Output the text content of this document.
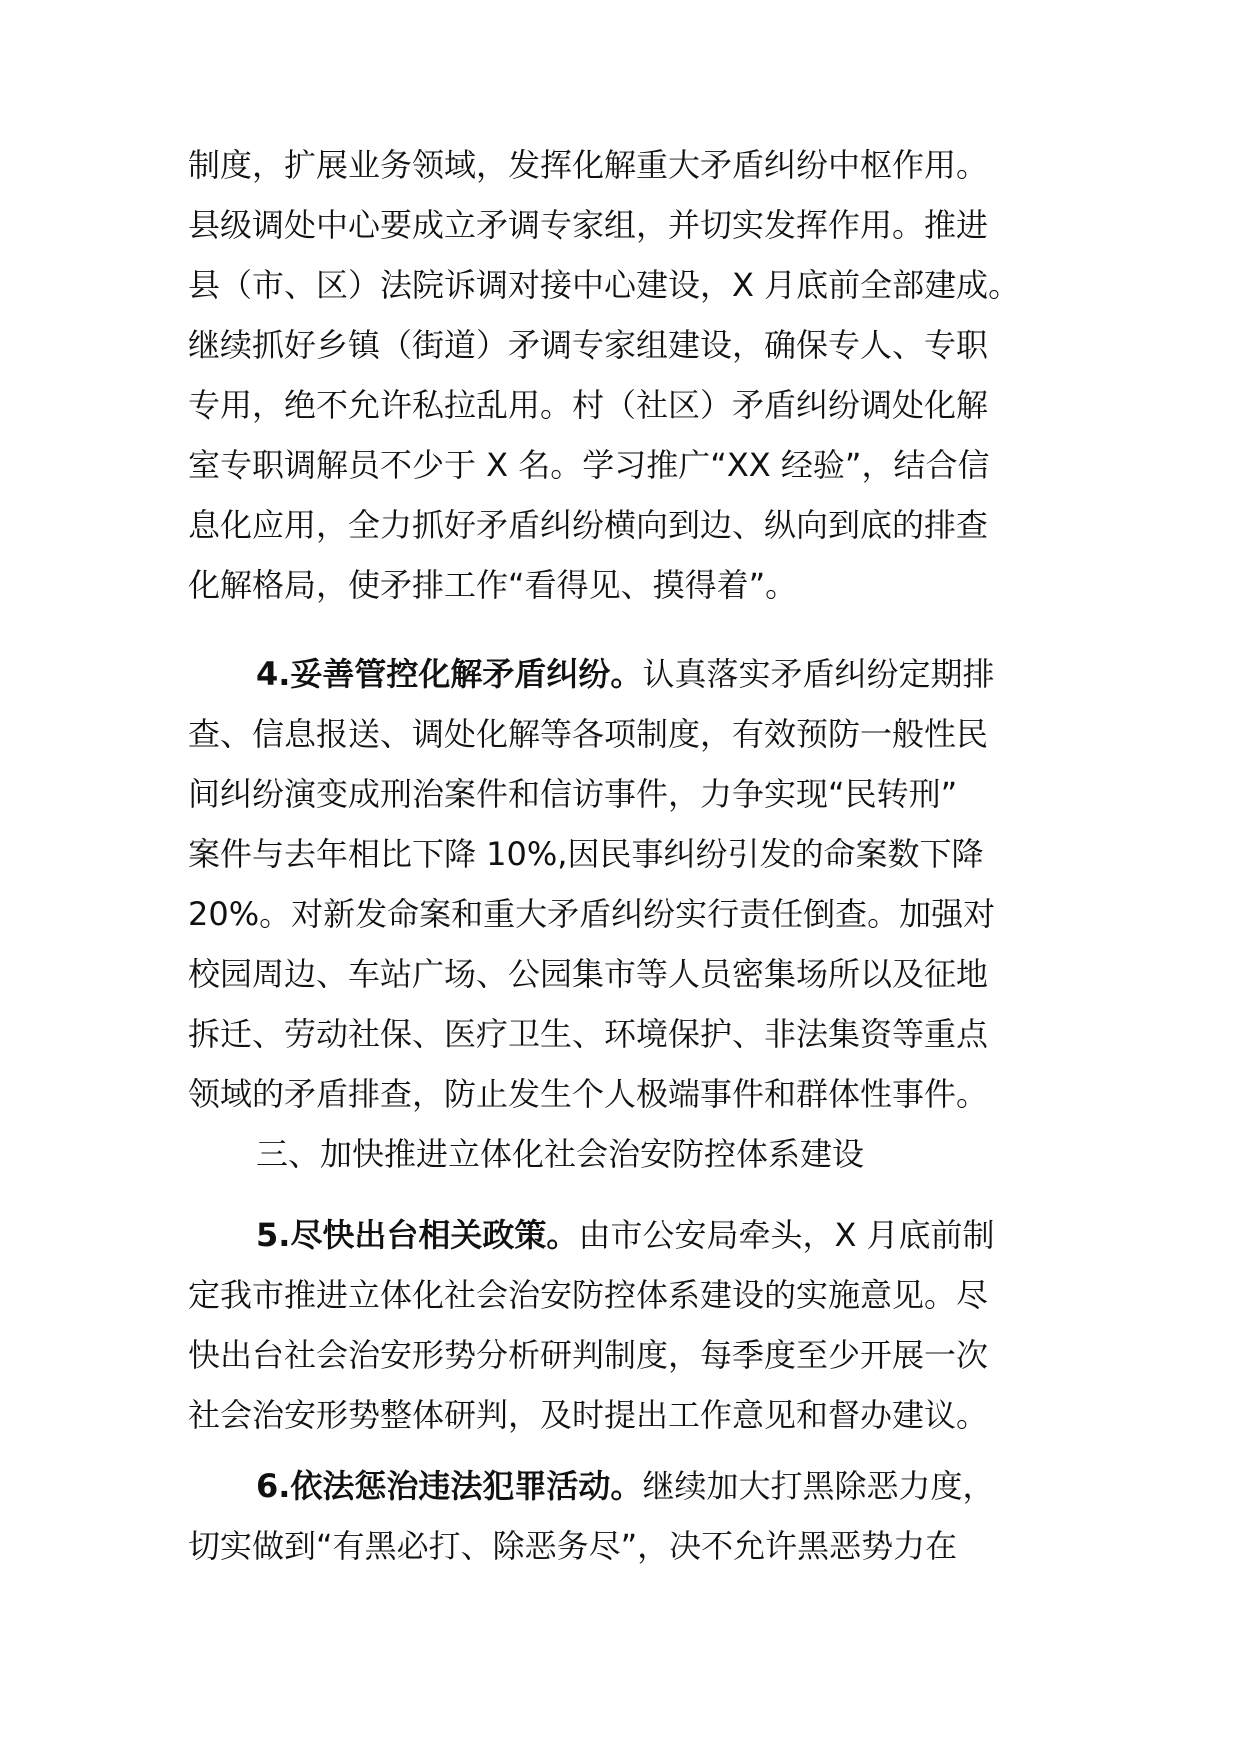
制度，扩展业务领域，发挥化解重大矛盾纠纷中枢作用。
县级调处中心要成立矛调专家组，并切实发挥作用。推进
县（市、区）法院诉调对接中心建设，X 月底前全部建成。
继续抓好乡镇（街道）矛调专家组建设，确保专人、专职
专用，绝不允许私拉乱用。村（社区）矛盾纠纷调处化解
室专职调解员不少于 X 名。学习推广“XX 经验”，结合信
息化应用，全力抓好矛盾纠纷横向到边、纵向到底的排查
化解格局，使矛排工作“看得见、摸得着”。
4.妥善管控化解矛盾纠纷。认真落实矛盾纠纷定期排
查、信息报送、调处化解等各项制度，有效预防一般性民
间纠纷演变成刑治案件和信访事件，力争实现“民转刑”
案件与去年相比下降 10%,因民事纠纷引发的命案数下降
20%。对新发命案和重大矛盾纠纷实行责任倒查。加强对
校园周边、车站广场、公园集市等人员密集场所以及征地
拆迁、劳动社保、医疗卫生、环境保护、非法集资等重点
领域的矛盾排查，防止发生个人极端事件和群体性事件。
三、加快推进立体化社会治安防控体系建设
5.尽快出台相关政策。由市公安局牵头，X 月底前制
定我市推进立体化社会治安防控体系建设的实施意见。尽
快出台社会治安形势分析研判制度，每季度至少开展一次
社会治安形势整体研判，及时提出工作意见和督办建议。
6.依法惩治违法犯罪活动。继续加大打黑除恶力度，
切实做到“有黑必打、除恶务尽”，决不允许黑恶势力在
